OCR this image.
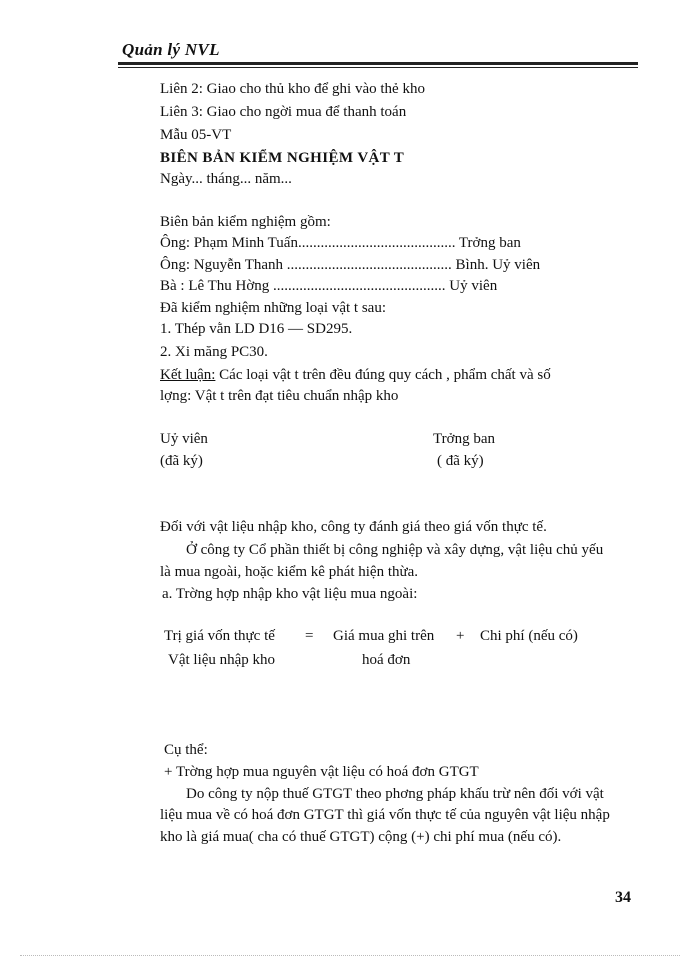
Quản lý NVL
Liên 2: Giao cho thủ kho để ghi vào thẻ kho
Liên 3: Giao cho ngời mua để thanh toán
Mẫu 05-VT
BIÊN BẢN KIỂM NGHIỆM VẬT T
Ngày... tháng... năm...
Biên bản kiểm nghiệm gồm:
Ông: Phạm Minh Tuấn.......................................... Trởng ban
Ông: Nguyễn Thanh ............................................ Bình. Uỷ viên
Bà : Lê Thu Hờng .............................................. Uỷ viên
Đã kiểm nghiệm những loại vật t sau:
1. Thép vằn LD D16 — SD295.
2. Xi măng PC30.
Kết luận: Các loại vật t trên đều đúng quy cách , phẩm chất và số
lợng: Vật t trên đạt tiêu chuẩn nhập kho
Uỷ viên
(đã ký)
Trởng ban
( đã ký)
Đối với vật liệu nhập kho, công ty đánh giá theo giá vốn thực tế.
Ở công ty Cổ phần thiết bị công nghiệp và xây dựng, vật liệu chủ yếu
là mua ngoài, hoặc kiểm kê phát hiện thừa.
a. Trờng hợp nhập kho vật liệu mua ngoài:
Trị giá vốn thực tế
Vật liệu nhập kho
= Giá mua ghi trên
hoá đơn
+ Chi phí (nếu có)
Cụ thể:
+ Trờng hợp mua nguyên vật liệu có hoá đơn GTGT
Do công ty nộp thuế GTGT theo phơng pháp khấu trừ nên đối với vật
liệu mua về có hoá đơn GTGT thì giá vốn thực tế của nguyên vật liệu nhập
kho là giá mua( cha có thuế GTGT) cộng (+) chi phí mua (nếu có).
34
